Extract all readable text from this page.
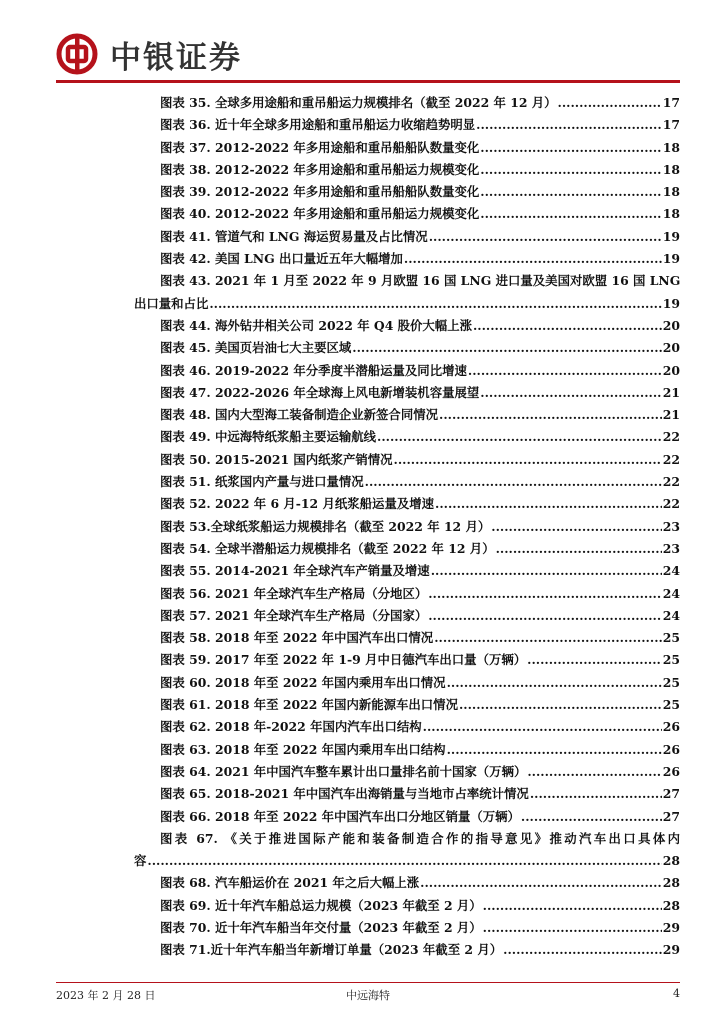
中银证券
图表 35. 全球多用途船和重吊船运力规模排名（截至 2022 年 12 月） .....	17
图表 36. 近十年全球多用途船和重吊船运力收缩趋势明显 .....	17
图表 37. 2012-2022 年多用途船和重吊船船队数量变化 .....	18
图表 38. 2012-2022 年多用途船和重吊船运力规模变化 .....	18
图表 39. 2012-2022 年多用途船和重吊船船队数量变化 .....	18
图表 40. 2012-2022 年多用途船和重吊船运力规模变化 .....	18
图表 41. 管道气和 LNG 海运贸易量及占比情况 .....	19
图表 42. 美国 LNG 出口量近五年大幅增加 .....	19
图表 43. 2021 年 1 月至 2022 年 9 月欧盟 16 国 LNG 进口量及美国对欧盟 16 国 LNG
出口量和占比 .....	19
图表 44. 海外钻井相关公司 2022 年 Q4 股价大幅上涨 .....	20
图表 45. 美国页岩油七大主要区域 .....	20
图表 46. 2019-2022 年分季度半潜船运量及同比增速 .....	20
图表 47. 2022-2026 年全球海上风电新增装机容量展望 .....	21
图表 48. 国内大型海工装备制造企业新签合同情况 .....	21
图表 49. 中远海特纸浆船主要运输航线 .....	22
图表 50. 2015-2021 国内纸浆产销情况 .....	22
图表 51. 纸浆国内产量与进口量情况 .....	22
图表 52. 2022 年 6 月-12 月纸浆船运量及增速 .....	22
图表 53.全球纸浆船运力规模排名（截至 2022 年 12 月） .....	23
图表 54. 全球半潜船运力规模排名（截至 2022 年 12 月） .....	23
图表 55. 2014-2021 年全球汽车产销量及增速 .....	24
图表 56. 2021 年全球汽车生产格局（分地区） .....	24
图表 57. 2021 年全球汽车生产格局（分国家） .....	24
图表 58. 2018 年至 2022 年中国汽车出口情况 .....	25
图表 59. 2017 年至 2022 年 1-9 月中日德汽车出口量（万辆） .....	25
图表 60. 2018 年至 2022 年国内乘用车出口情况 .....	25
图表 61. 2018 年至 2022 年国内新能源车出口情况 .....	25
图表 62. 2018 年-2022 年国内汽车出口结构 .....	26
图表 63. 2018 年至 2022 年国内乘用车出口结构 .....	26
图表 64. 2021 年中国汽车整车累计出口量排名前十国家（万辆） .....	26
图表 65. 2018-2021 年中国汽车出海销量与当地市占率统计情况 .....	27
图表 66. 2018 年至 2022 年中国汽车出口分地区销量（万辆） .....	27
图表 67. 《关于推进国际产能和装备制造合作的指导意见》推动汽车出口具体内
容 .....	28
图表 68. 汽车船运价在 2021 年之后大幅上涨 .....	28
图表 69. 近十年汽车船总运力规模（2023 年截至 2 月） .....	28
图表 70. 近十年汽车船当年交付量（2023 年截至 2 月） .....	29
图表 71.近十年汽车船当年新增订单量（2023 年截至 2 月） .....	29
2023 年 2 月 28 日	中远海特	4
